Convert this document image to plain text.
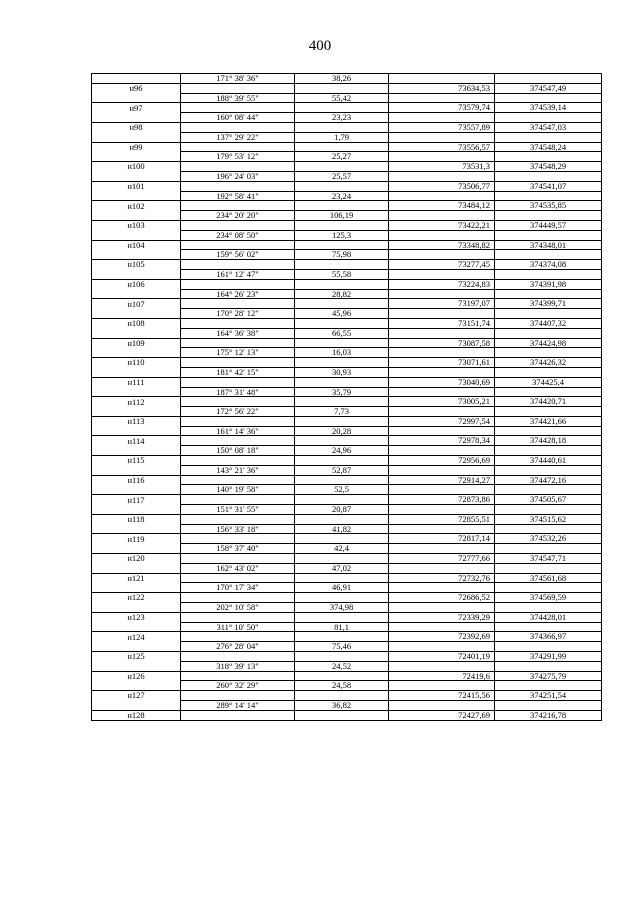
400
	171° 38' 36"	38,26		
н96			73634,53	374547,49
	188° 39' 55"	55,42		
н97			73579,74	374539,14
	160° 08' 44"	23,23		
н98			73557,89	374547,03
	137° 29' 22"	1,79		
н99			73556,57	374548,24
	179° 53' 12"	25,27		
н100			73531,3	374548,29
	196° 24' 03"	25,57		
н101			73506,77	374541,07
	192° 58' 41"	23,24		
н102			73484,12	374535,85
	234° 20' 20"	106,19		
н103			73422,21	374449,57
	234° 08' 50"	125,3		
н104			73348,82	374348,01
	159° 56' 02"	75,98		
н105			73277,45	374374,08
	161° 12' 47"	55,58		
н106			73224,83	374391,98
	164° 26' 23"	28,82		
н107			73197,07	374399,71
	170° 28' 12"	45,96		
н108			73151,74	374407,32
	164° 36' 38"	66,55		
н109			73087,58	374424,98
	175° 12' 13"	16,03		
н110			73071,61	374426,32
	181° 42' 15"	30,93		
н111			73040,69	374425,4
	187° 31' 48"	35,79		
н112			73005,21	374420,71
	172° 56' 22"	7,73		
н113			72997,54	374421,66
	161° 14' 36"	20,28		
н114			72978,34	374428,18
	150° 08' 18"	24,96		
н115			72956,69	374440,61
	143° 21' 36"	52,87		
н116			72914,27	374472,16
	140° 19' 58"	52,5		
н117			72873,86	374505,67
	151° 31' 55"	20,87		
н118			72855,51	374515,62
	156° 33' 18"	41,82		
н119			72817,14	374532,26
	158° 37' 40"	42,4		
н120			72777,66	374547,71
	162° 43' 02"	47,02		
н121			72732,76	374561,68
	170° 17' 34"	46,91		
н122			72686,52	374569,59
	202° 10' 58"	374,98		
н123			72339,29	374428,01
	311° 10' 50"	81,1		
н124			72392,69	374366,97
	276° 28' 04"	75,46		
н125			72401,19	374291,99
	318° 39' 13"	24,52		
н126			72419,6	374275,79
	260° 32' 29"	24,58		
н127			72415,56	374251,54
	289° 14' 14"	36,82		
н128			72427,69	374216,78
